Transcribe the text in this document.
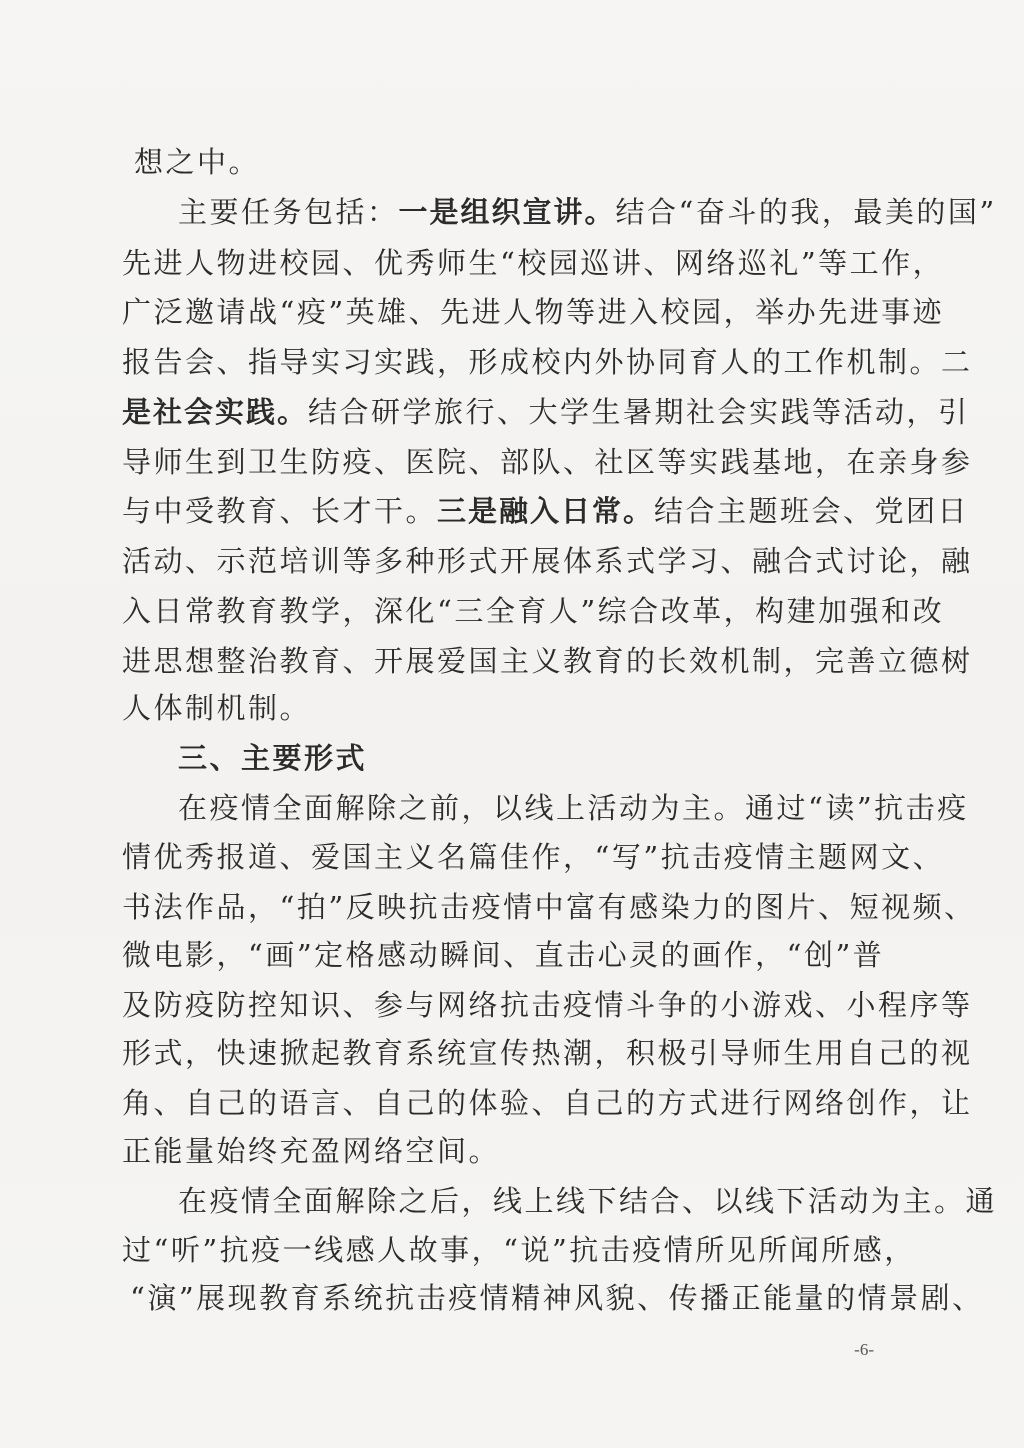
想之中。
主要任务包括：一是组织宣讲。结合“奋斗的我，最美的国”
先进人物进校园、优秀师生“校园巡讲、网络巡礼”等工作，
广泛邀请战“疫”英雄、先进人物等进入校园，举办先进事迹
报告会、指导实习实践，形成校内外协同育人的工作机制。二
是社会实践。结合研学旅行、大学生暑期社会实践等活动，引
导师生到卫生防疫、医院、部队、社区等实践基地，在亲身参
与中受教育、长才干。三是融入日常。结合主题班会、党团日
活动、示范培训等多种形式开展体系式学习、融合式讨论，融
入日常教育教学，深化“三全育人”综合改革，构建加强和改
进思想整治教育、开展爱国主义教育的长效机制，完善立德树
人体制机制。
三、主要形式
在疫情全面解除之前，以线上活动为主。通过“读”抗击疫
情优秀报道、爱国主义名篇佳作，“写”抗击疫情主题网文、
书法作品，“拍”反映抗击疫情中富有感染力的图片、短视频、
微电影，“画”定格感动瞬间、直击心灵的画作，“创”普
及防疫防控知识、参与网络抗击疫情斗争的小游戏、小程序等
形式，快速掀起教育系统宣传热潮，积极引导师生用自己的视
角、自己的语言、自己的体验、自己的方式进行网络创作，让
正能量始终充盈网络空间。
在疫情全面解除之后，线上线下结合、以线下活动为主。通
过“听”抗疫一线感人故事，“说”抗击疫情所见所闻所感，
“演”展现教育系统抗击疫情精神风貌、传播正能量的情景剧、
-6-
